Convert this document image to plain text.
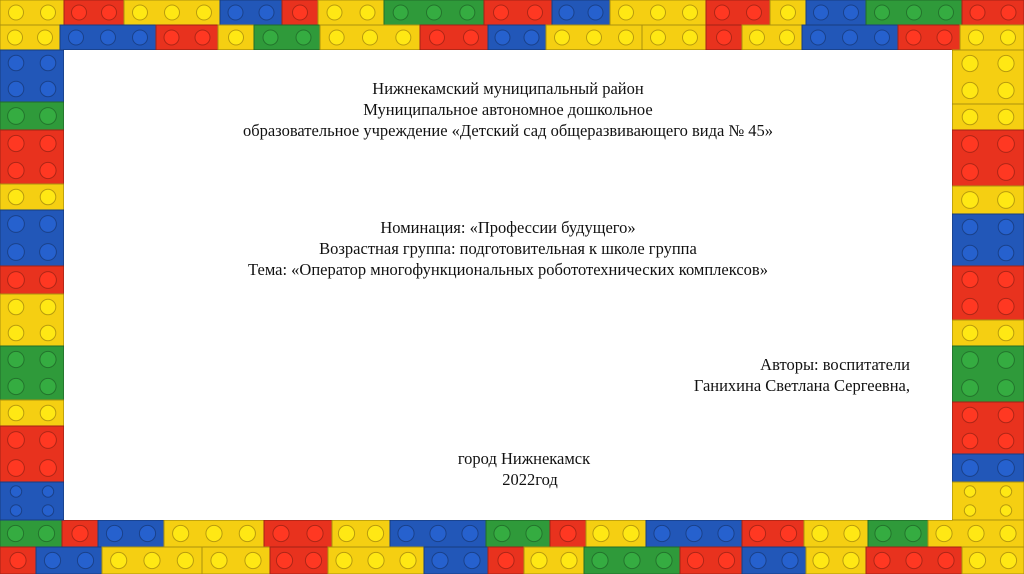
Нижнекамский муниципальный район

Муниципальное автономное дошкольное

образовательное учреждение «Детский сад общеразвивающего вида № 45»

Номинация: «Профессии будущего»

Возрастная группа: подготовительная к школе группа

Тема: «Оператор многофункциональных робототехнических комплексов»

Авторы: воспитатели

Ганихина Светлана Сергеевна,

город Нижнекамск

2022год
